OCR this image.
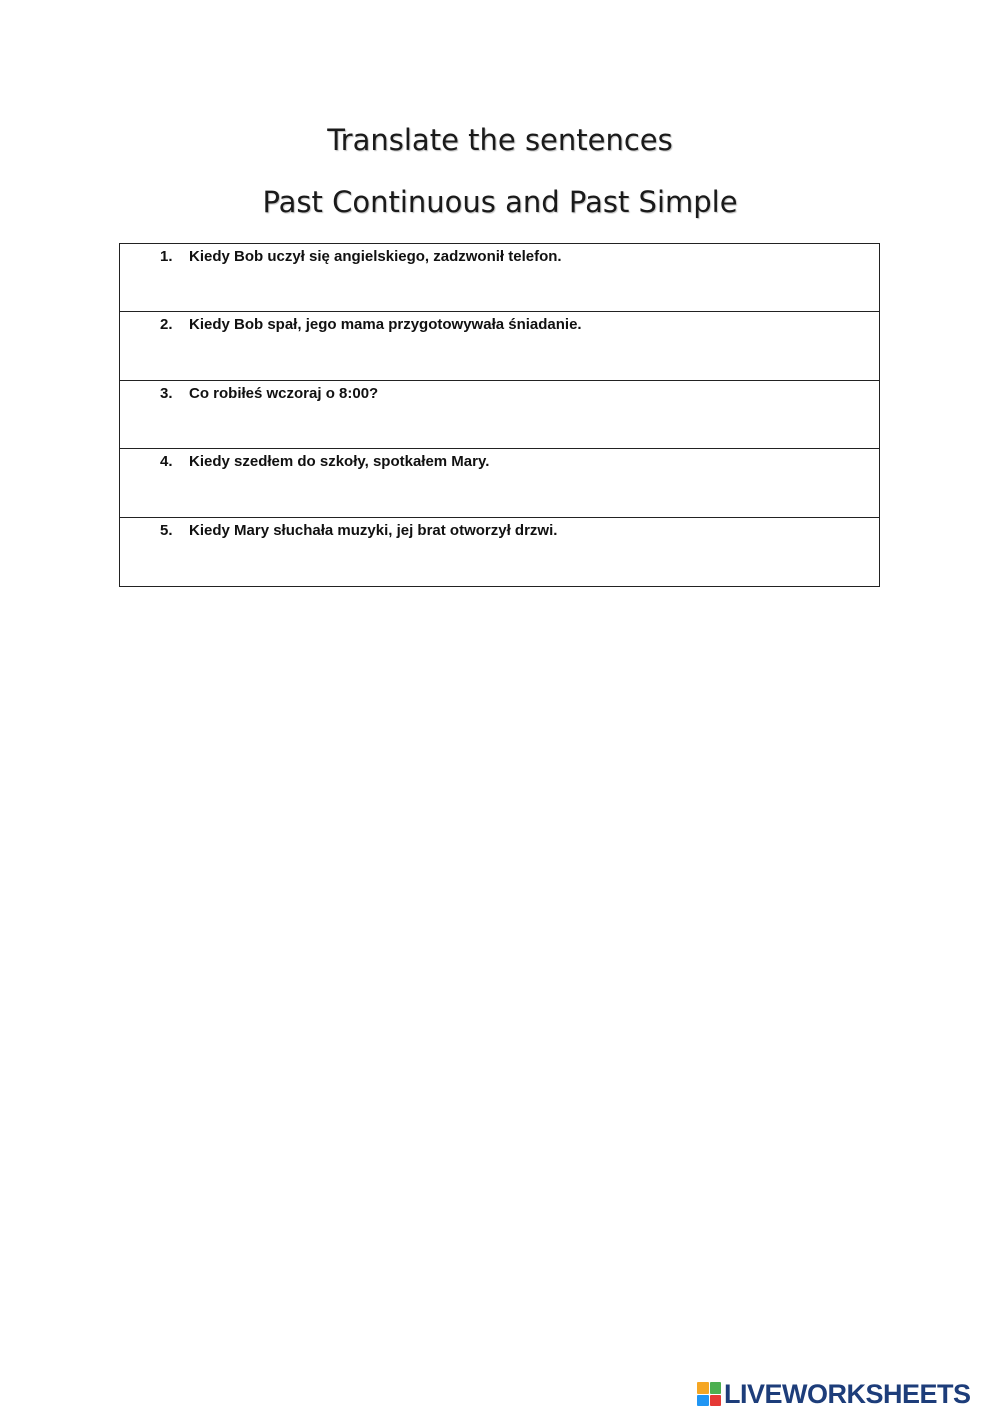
Translate the sentences
Past Continuous and Past Simple
1. Kiedy Bob uczył się angielskiego, zadzwonił telefon.
2. Kiedy Bob spał, jego mama przygotowywała śniadanie.
3. Co robiłeś wczoraj o 8:00?
4. Kiedy szedłem do szkoły, spotkałem Mary.
5. Kiedy Mary słuchała muzyki, jej brat otworzył drzwi.
LIVEWORKSHEETS
